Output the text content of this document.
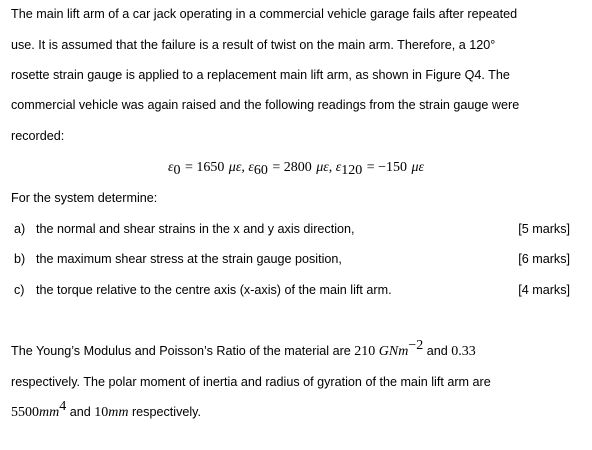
The main lift arm of a car jack operating in a commercial vehicle garage fails after repeated
use. It is assumed that the failure is a result of twist on the main arm. Therefore, a 120°
rosette strain gauge is applied to a replacement main lift arm, as shown in Figure Q4. The
commercial vehicle was again raised and the following readings from the strain gauge were
recorded:
$\varepsilon_0 = 1650$ με, $\varepsilon_{60} = 2800$ με, $\varepsilon_{120} = -150$ με
For the system determine:
a) the normal and shear strains in the x and y axis direction,	[5 marks]
b) the maximum shear stress at the strain gauge position,	[6 marks]
c) the torque relative to the centre axis (x-axis) of the main lift arm.	[4 marks]
The Young’s Modulus and Poisson’s Ratio of the material are 210 GNm$^{-2}$ and 0.33
respectively. The polar moment of inertia and radius of gyration of the main lift arm are
$5500mm^4$ and 10mm respectively.
